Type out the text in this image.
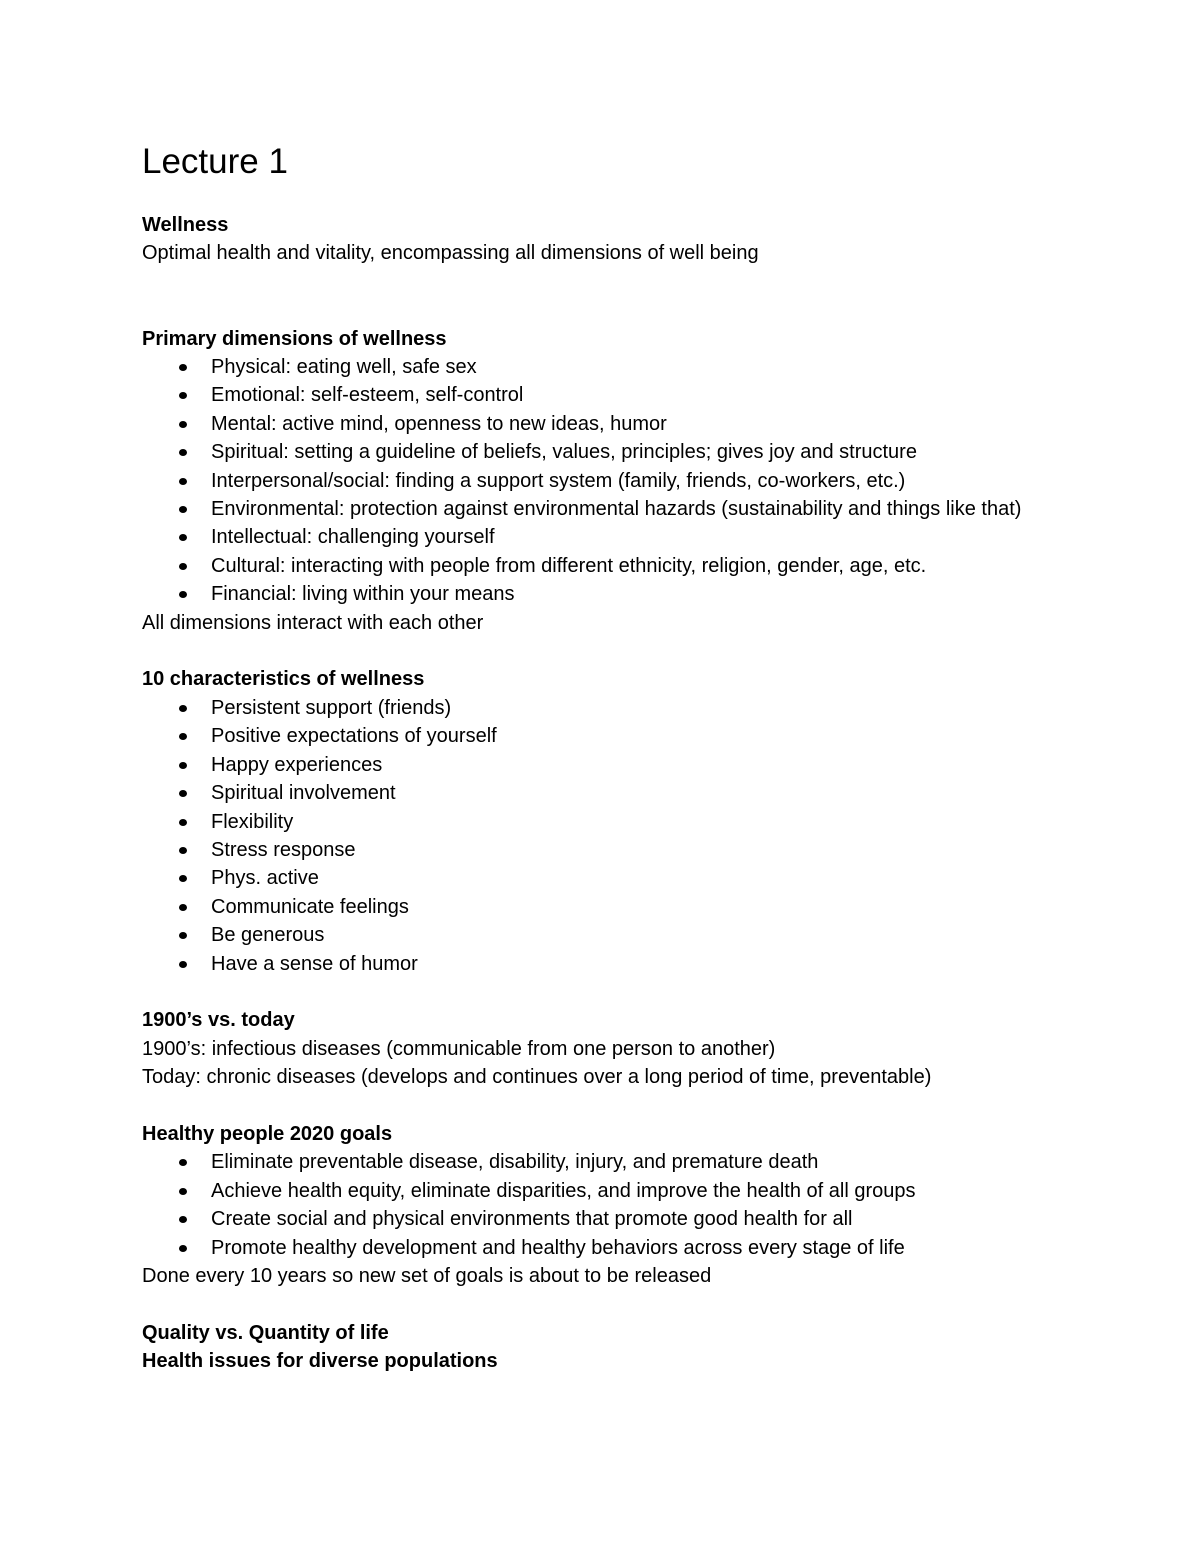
Lecture 1

Wellness

Optimal health and vitality, encompassing all dimensions of well being

Primary dimensions of wellness

Physical: eating well, safe sex
Emotional: self-esteem, self-control
Mental: active mind, openness to new ideas, humor
Spiritual: setting a guideline of beliefs, values, principles; gives joy and structure
Interpersonal/social: finding a support system (family, friends, co-workers, etc.)
Environmental: protection against environmental hazards (sustainability and things like that)
Intellectual: challenging yourself
Cultural: interacting with people from different ethnicity, religion, gender, age, etc.
Financial: living within your means

All dimensions interact with each other

10 characteristics of wellness

Persistent support (friends)
Positive expectations of yourself
Happy experiences
Spiritual involvement
Flexibility
Stress response
Phys. active
Communicate feelings
Be generous
Have a sense of humor

1900’s vs. today

1900’s: infectious diseases (communicable from one person to another)

Today: chronic diseases (develops and continues over a long period of time, preventable)

Healthy people 2020 goals

Eliminate preventable disease, disability, injury, and premature death
Achieve health equity, eliminate disparities, and improve the health of all groups
Create social and physical environments that promote good health for all
Promote healthy development and healthy behaviors across every stage of life

Done every 10 years so new set of goals is about to be released

Quality vs. Quantity of life

Health issues for diverse populations
